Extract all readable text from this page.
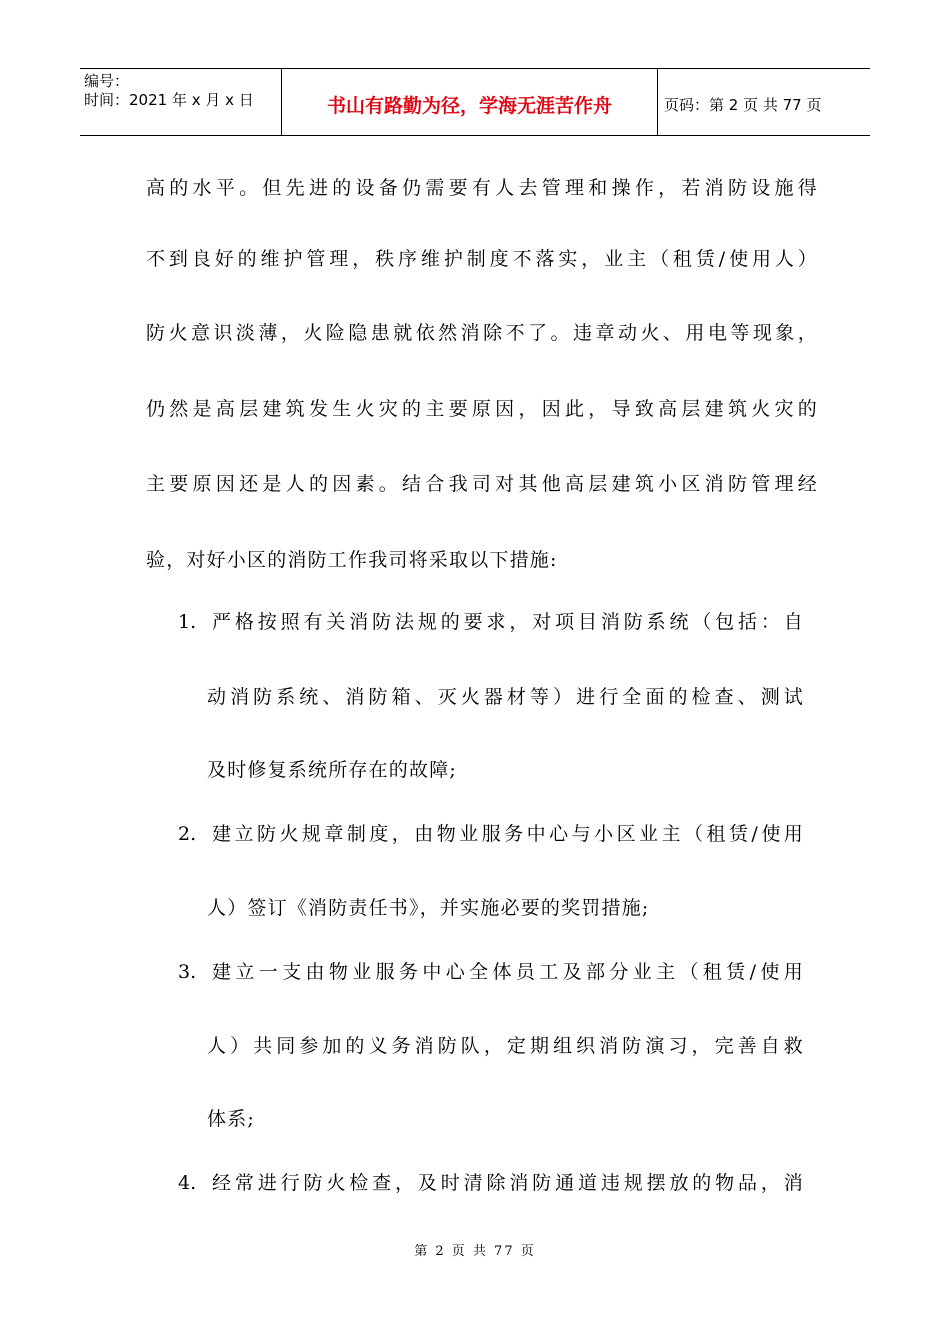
编号：
时间：2021 年 x 月 x 日	书山有路勤为径，学海无涯苦作舟	页码：第 2 页 共 77 页
高的水平。但先进的设备仍需要有人去管理和操作，若消防设施得
不到良好的维护管理，秩序维护制度不落实，业主（租赁/使用人）
防火意识淡薄，火险隐患就依然消除不了。违章动火、用电等现象，
仍然是高层建筑发生火灾的主要原因，因此，导致高层建筑火灾的
主要原因还是人的因素。结合我司对其他高层建筑小区消防管理经
验，对好小区的消防工作我司将采取以下措施:
1. 严格按照有关消防法规的要求，对项目消防系统（包括：自
动消防系统、消防箱、灭火器材等）进行全面的检查、测试
及时修复系统所存在的故障;
2. 建立防火规章制度，由物业服务中心与小区业主（租赁/使用
人）签订《消防责任书》，并实施必要的奖罚措施;
3. 建立一支由物业服务中心全体员工及部分业主（租赁/使用
人）共同参加的义务消防队，定期组织消防演习，完善自救
体系;
4. 经常进行防火检查，及时清除消防通道违规摆放的物品，消
第 2 页 共 77 页
